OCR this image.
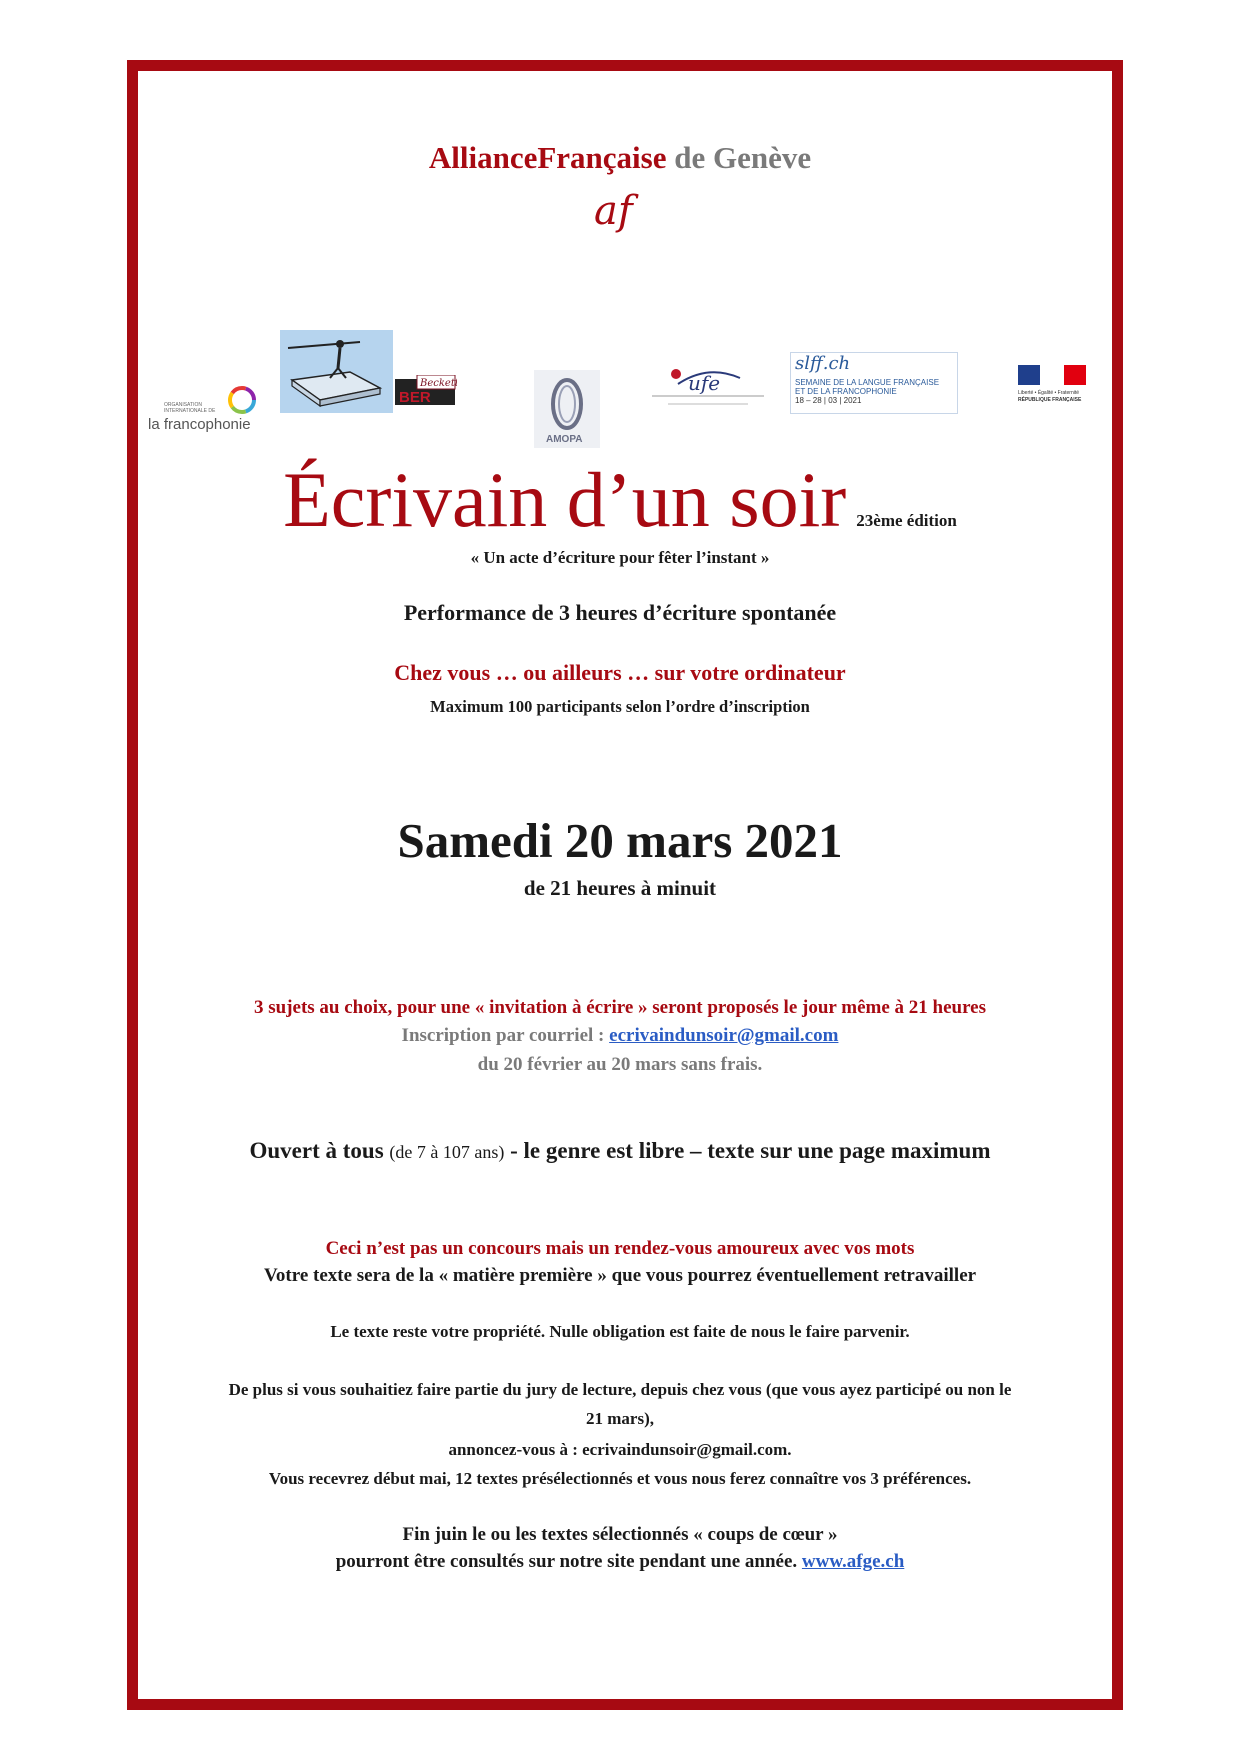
AllianceFrançaise de Genève
af
ORGANISATION INTERNATIONALE DE
la francophonie
BER
Beckett
AMOPA
ufe
slff.ch
SEMAINE DE LA LANGUE FRANÇAISE
ET DE LA FRANCOPHONIE
18 – 28 | 03 | 2021
Liberté • Égalité • Fraternité
RÉPUBLIQUE FRANÇAISE
Écrivain d’un soir 23ème édition
« Un acte d’écriture pour fêter l’instant »
Performance de 3 heures d’écriture spontanée
Chez vous … ou ailleurs … sur votre ordinateur
Maximum 100 participants selon l’ordre d’inscription
Samedi 20 mars 2021
de 21 heures à minuit
3 sujets au choix, pour une « invitation à écrire » seront proposés le jour même à 21 heures
Inscription par courriel : ecrivaindunsoir@gmail.com
du 20 février au 20 mars sans frais.
Ouvert à tous (de 7 à 107 ans) - le genre est libre – texte sur une page maximum
Ceci n’est pas un concours mais un rendez-vous amoureux avec vos mots
Votre texte sera de la « matière première » que vous pourrez éventuellement retravailler
Le texte reste votre propriété. Nulle obligation est faite de nous le faire parvenir.
De plus si vous souhaitiez faire partie du jury de lecture, depuis chez vous (que vous ayez participé ou non le
21 mars),
annoncez-vous à : ecrivaindunsoir@gmail.com.
Vous recevrez début mai, 12 textes présélectionnés et vous nous ferez connaître vos 3 préférences.
Fin juin le ou les textes sélectionnés « coups de cœur »
pourront être consultés sur notre site pendant une année. www.afge.ch
